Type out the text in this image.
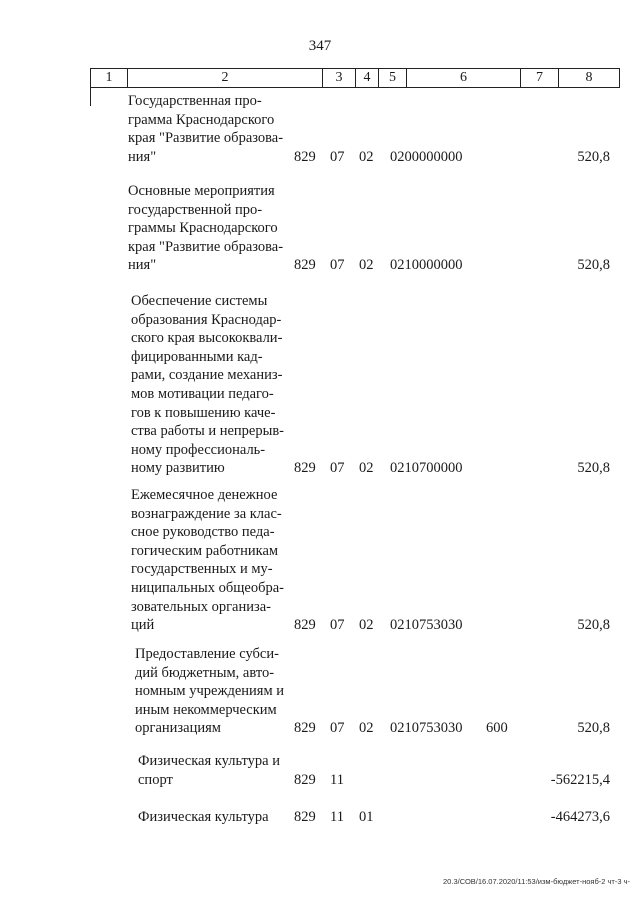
347
1	2	3	4	5	6	7	8
Государственная про-
грамма Краснодарского
края "Развитие образова-
ния"	829 07 02 0200000000	520,8
Основные мероприятия
государственной про-
граммы Краснодарского
края "Развитие образова-
ния"	829 07 02 0210000000	520,8
Обеспечение системы
образования Краснодар-
ского края высококвали-
фицированными кад-
рами, создание механиз-
мов мотивации педаго-
гов к повышению каче-
ства работы и непрерыв-
ному профессиональ-
ному развитию	829 07 02 0210700000	520,8
Ежемесячное денежное
вознаграждение за клас-
сное руководство педа-
гогическим работникам
государственных и му-
ниципальных общеобра-
зовательных организа-
ций	829 07 02 0210753030	520,8
Предоставление субси-
дий бюджетным, авто-
номным учреждениям и
иным некоммерческим
организациям	829 07 02 0210753030 600	520,8
Физическая культура и
спорт	829 11	-562215,4
Физическая культура	829 11 01	-464273,6
20.3/СОВ/16.07.2020/11:53/изм-бюджет-нояб-2 чт-3 ч-
